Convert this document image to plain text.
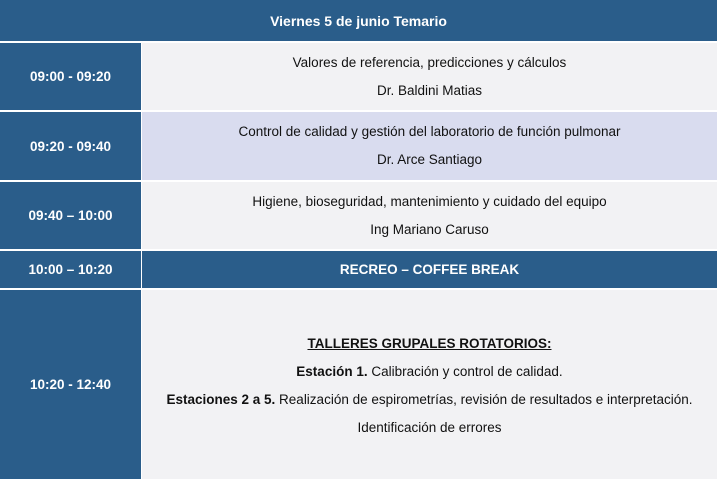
Viernes 5 de junio Temario
09:00 - 09:20
Valores de referencia, predicciones y cálculos
Dr. Baldini Matias
09:20 - 09:40
Control de calidad y gestión del laboratorio de función pulmonar
Dr. Arce Santiago
09:40 – 10:00
Higiene, bioseguridad, mantenimiento y cuidado del equipo
Ing Mariano Caruso
10:00 – 10:20	RECREO – COFFEE BREAK
10:20 - 12:40
TALLERES GRUPALES ROTATORIOS:
Estación 1. Calibración y control de calidad.
Estaciones 2 a 5. Realización de espirometrías, revisión de resultados e interpretación.
Identificación de errores
